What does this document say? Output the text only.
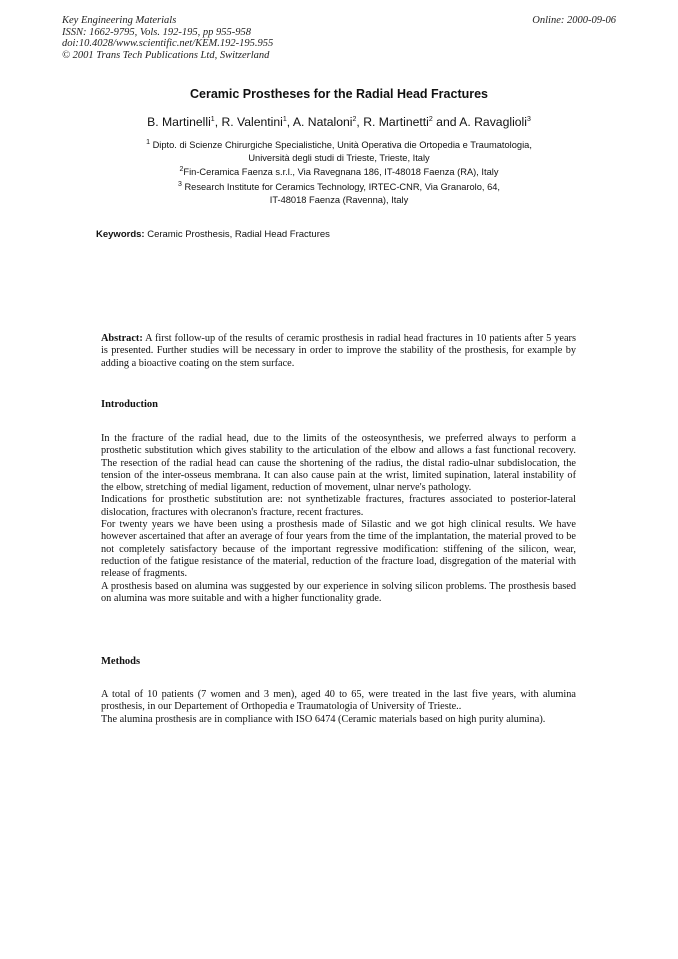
Key Engineering Materials
ISSN: 1662-9795, Vols. 192-195, pp 955-958
doi:10.4028/www.scientific.net/KEM.192-195.955
© 2001 Trans Tech Publications Ltd, Switzerland
Online: 2000-09-06
Ceramic Prostheses for the Radial Head Fractures
B. Martinelli$^1$, R. Valentini$^1$, A. Nataloni$^2$, R. Martinetti$^2$ and A. Ravaglioli$^3$
$^1$ Dipto. di Scienze Chirurgiche Specialistiche, Unità Operativa die Ortopedia e Traumatologia,
Università degli studi di Trieste, Trieste, Italy
$^2$Fin-Ceramica Faenza s.r.l., Via Ravegnana 186, IT-48018 Faenza (RA), Italy
$^3$ Research Institute for Ceramics Technology, IRTEC-CNR, Via Granarolo, 64,
IT-48018 Faenza (Ravenna), Italy
Keywords: Ceramic Prosthesis, Radial Head Fractures
Abstract: A first follow-up of the results of ceramic prosthesis in radial head fractures in 10 patients after 5 years is presented. Further studies will be necessary in order to improve the stability of the prosthesis, for example by adding a bioactive coating on the stem surface.
Introduction
In the fracture of the radial head, due to the limits of the osteosynthesis, we preferred always to perform a prosthetic substitution which gives stability to the articulation of the elbow and allows a fast functional recovery. The resection of the radial head can cause the shortening of the radius, the distal radio-ulnar subdislocation, the tension of the inter-osseus membrana. It can also cause pain at the wrist, limited supination, lateral instability of the elbow, stretching of medial ligament, reduction of movement, ulnar nerve's pathology.
Indications for prosthetic substitution are: not synthetizable fractures, fractures associated to posterior-lateral dislocation, fractures with olecranon's fracture, recent fractures.
For twenty years we have been using a prosthesis made of Silastic and we got high clinical results. We have however ascertained that after an average of four years from the time of the implantation, the material proved to be not completely satisfactory because of the important regressive modification: stiffening of the silicon, wear, reduction of the fatigue resistance of the material, reduction of the fracture load, disgregation of the material with release of fragments.
A prosthesis based on alumina was suggested by our experience in solving silicon problems. The prosthesis based on alumina was more suitable and with a higher functionality grade.
Methods
A total of 10 patients (7 women and 3 men), aged 40 to 65, were treated in the last five years, with alumina prosthesis, in our Departement of Orthopedia e Traumatologia of University of Trieste..
The alumina prosthesis are in compliance with ISO 6474 (Ceramic materials based on high purity alumina).
